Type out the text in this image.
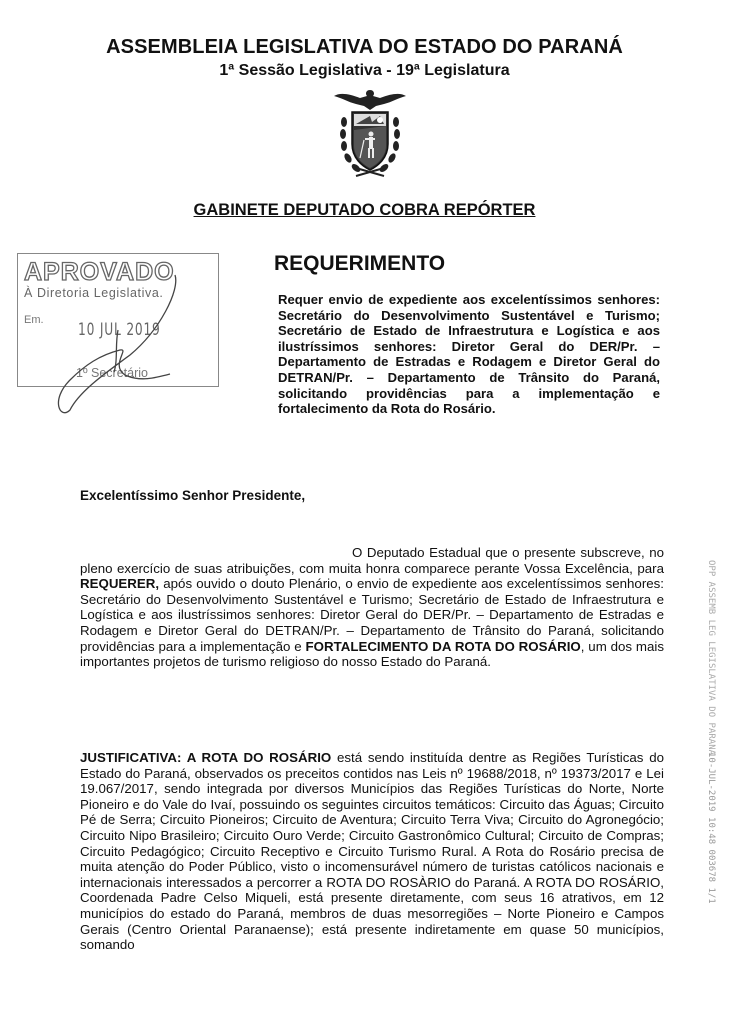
ASSEMBLEIA LEGISLATIVA DO ESTADO DO PARANÁ
1ª Sessão Legislativa - 19ª Legislatura
GABINETE DEPUTADO COBRA REPÓRTER
APROVADO
À Diretoria Legislativa.
Em. 10 JUL 2019
1º Secretário
REQUERIMENTO
Requer envio de expediente aos excelentíssimos senhores: Secretário do Desenvolvimento Sustentável e Turismo; Secretário de Estado de Infraestrutura e Logística e aos ilustríssimos senhores: Diretor Geral do DER/Pr. – Departamento de Estradas e Rodagem e Diretor Geral do DETRAN/Pr. – Departamento de Trânsito do Paraná, solicitando providências para a implementação e fortalecimento da Rota do Rosário.
Excelentíssimo Senhor Presidente,
O Deputado Estadual que o presente subscreve, no pleno exercício de suas atribuições, com muita honra comparece perante Vossa Excelência, para REQUERER, após ouvido o douto Plenário, o envio de expediente aos excelentíssimos senhores: Secretário do Desenvolvimento Sustentável e Turismo; Secretário de Estado de Infraestrutura e Logística e aos ilustríssimos senhores: Diretor Geral do DER/Pr. – Departamento de Estradas e Rodagem e Diretor Geral do DETRAN/Pr. – Departamento de Trânsito do Paraná, solicitando providências para a implementação e FORTALECIMENTO DA ROTA DO ROSÁRIO, um dos mais importantes projetos de turismo religioso do nosso Estado do Paraná.
JUSTIFICATIVA: A ROTA DO ROSÁRIO está sendo instituída dentre as Regiões Turísticas do Estado do Paraná, observados os preceitos contidos nas Leis nº 19688/2018, nº 19373/2017 e Lei 19.067/2017, sendo integrada por diversos Municípios das Regiões Turísticas do Norte, Norte Pioneiro e do Vale do Ivaí, possuindo os seguintes circuitos temáticos: Circuito das Águas; Circuito Pé de Serra; Circuito Pioneiros; Circuito de Aventura; Circuito Terra Viva; Circuito do Agronegócio; Circuito Nipo Brasileiro; Circuito Ouro Verde; Circuito Gastronômico Cultural; Circuito de Compras; Circuito Pedagógico; Circuito Receptivo e Circuito Turismo Rural. A Rota do Rosário precisa de muita atenção do Poder Público, visto o incomensurável número de turistas católicos nacionais e internacionais interessados a percorrer a ROTA DO ROSÀRIO do Paraná. A ROTA DO ROSÁRIO, Coordenada Padre Celso Miqueli, está presente diretamente, com seus 16 atrativos, em 12 municípios do estado do Paraná, membros de duas mesorregiões – Norte Pioneiro e Campos Gerais (Centro Oriental Paranaense); está presente indiretamente em quase 50 municípios, somando
OPP ASSEMB LEG LEGISLATIVA DO PARANA
10-JUL-2019 10:48 003678 1/1
